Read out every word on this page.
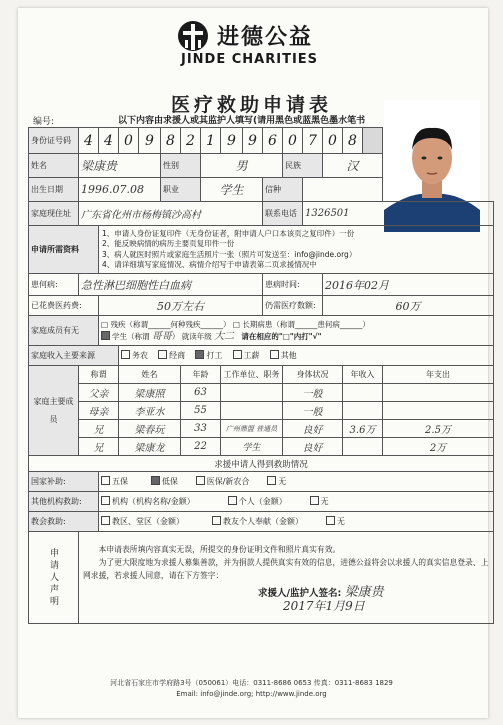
进德公益
JINDE CHARITIES
医疗救助申请表
编号:	以下内容由求援人或其监护人填写(请用黑色或蓝黑色墨水笔书
身份证号码	4	4	0	9	8	2	1	9	9	6	0	7	0	8		
姓名	梁康贵				性别		男				民族		汉			
出生日期	1996.07.08				职业		学生			信种						
家庭现住址	广东省化州市杨梅镇沙高村									联系电话		1326501				
申请所需资料		1、申请人身份证复印件（无身份证者，附申请人户口本该页之复印件）一份
2、能反映病情的病历主要页复印件一份
3、病人就医时照片或家庭生活照片一张（照片可发送至：info@jinde.org）
4、请详细填写家庭情况、病情介绍写于申请表第二页求援情况中														

患何病:	急性淋巴细胞性白血病									患病时间:			2016年02月			
已花费医药费:		50万左右								仍需医疗数额:			60万			
家庭成员有无		□ 残疾（称谓______何种残疾______） □ 长期病患（称谓______患何病______）
学生（称谓 哥哥） 就读年级 大二 请在相应的"□"内打"√"														

家庭收入主要来源			务农 经商 打工 工薪 其他													
家庭主要成员	称谓		姓名			年龄		工作单位、职务			身体状况			年收入		年支出
	父亲		梁康照			63					一般					
	母亲		李亚水			55					一般					
	兄		梁春玩			33		广州鼎盟 普通员			良好			3.6万		2.5万
	兄		梁康龙			22		学生			良好					2万
求援申请人得到救助情况																
国家补助:		五保 低保 医保/新农合 无														
其他机构救助:		机构（机构名称/金额） 个人（金额） 无														
教会救助:		教区、堂区（金额） 教友个人奉献（金额） 无														
申请人声明	本申请表所填内容真实无误，所提交的身份证明文件和照片真实有效。
为了更大限度地为求援人募集善款，并为捐款人提供真实有效的信息，进德公益将会以求援人的真实信息登录、上网求援，若求援人同意，请在下方签字：
求援人/监护人签名: 梁康贵
2017年1月9日															
河北省石家庄市学府路3号（050061）电话：0311-8686 0653 传真：0311-8683 1829
Email: info@jinde.org; http://www.jinde.org
